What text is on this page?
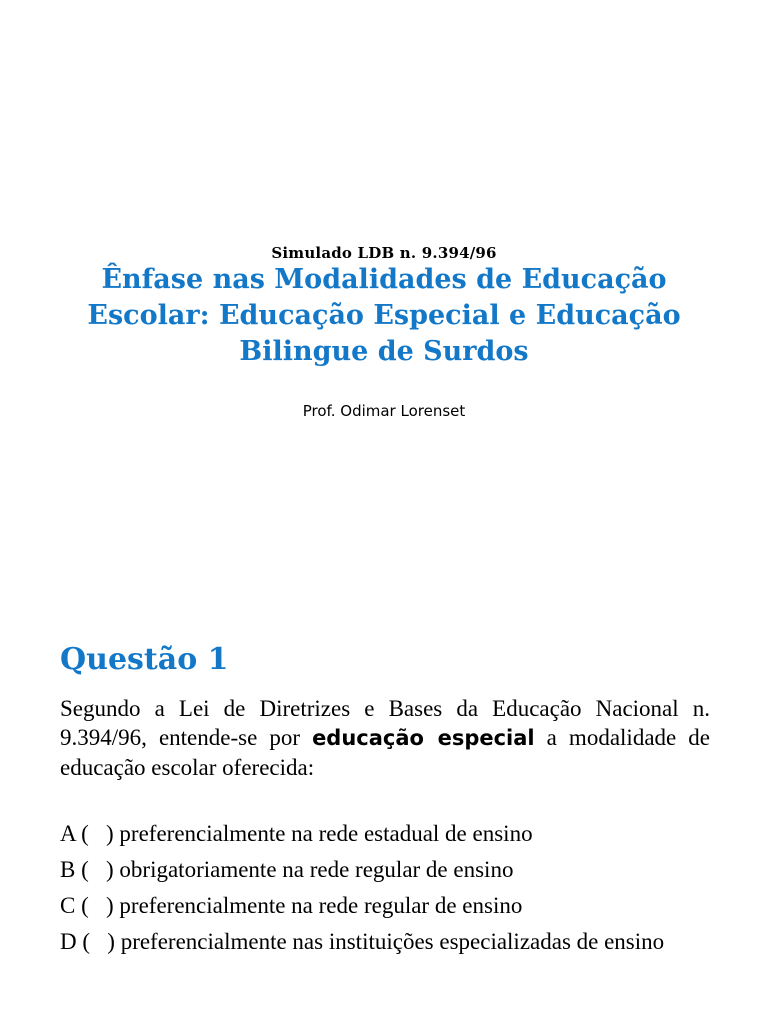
Simulado LDB n. 9.394/96
Ênfase nas Modalidades de Educação Escolar: Educação Especial e Educação Bilingue de Surdos
Prof. Odimar Lorenset
Questão 1
Segundo a Lei de Diretrizes e Bases da Educação Nacional n. 9.394/96, entende-se por educação especial a modalidade de educação escolar oferecida:
A (   ) preferencialmente na rede estadual de ensino
B (   ) obrigatoriamente na rede regular de ensino
C (   ) preferencialmente na rede regular de ensino
D (   ) preferencialmente nas instituições especializadas de ensino
